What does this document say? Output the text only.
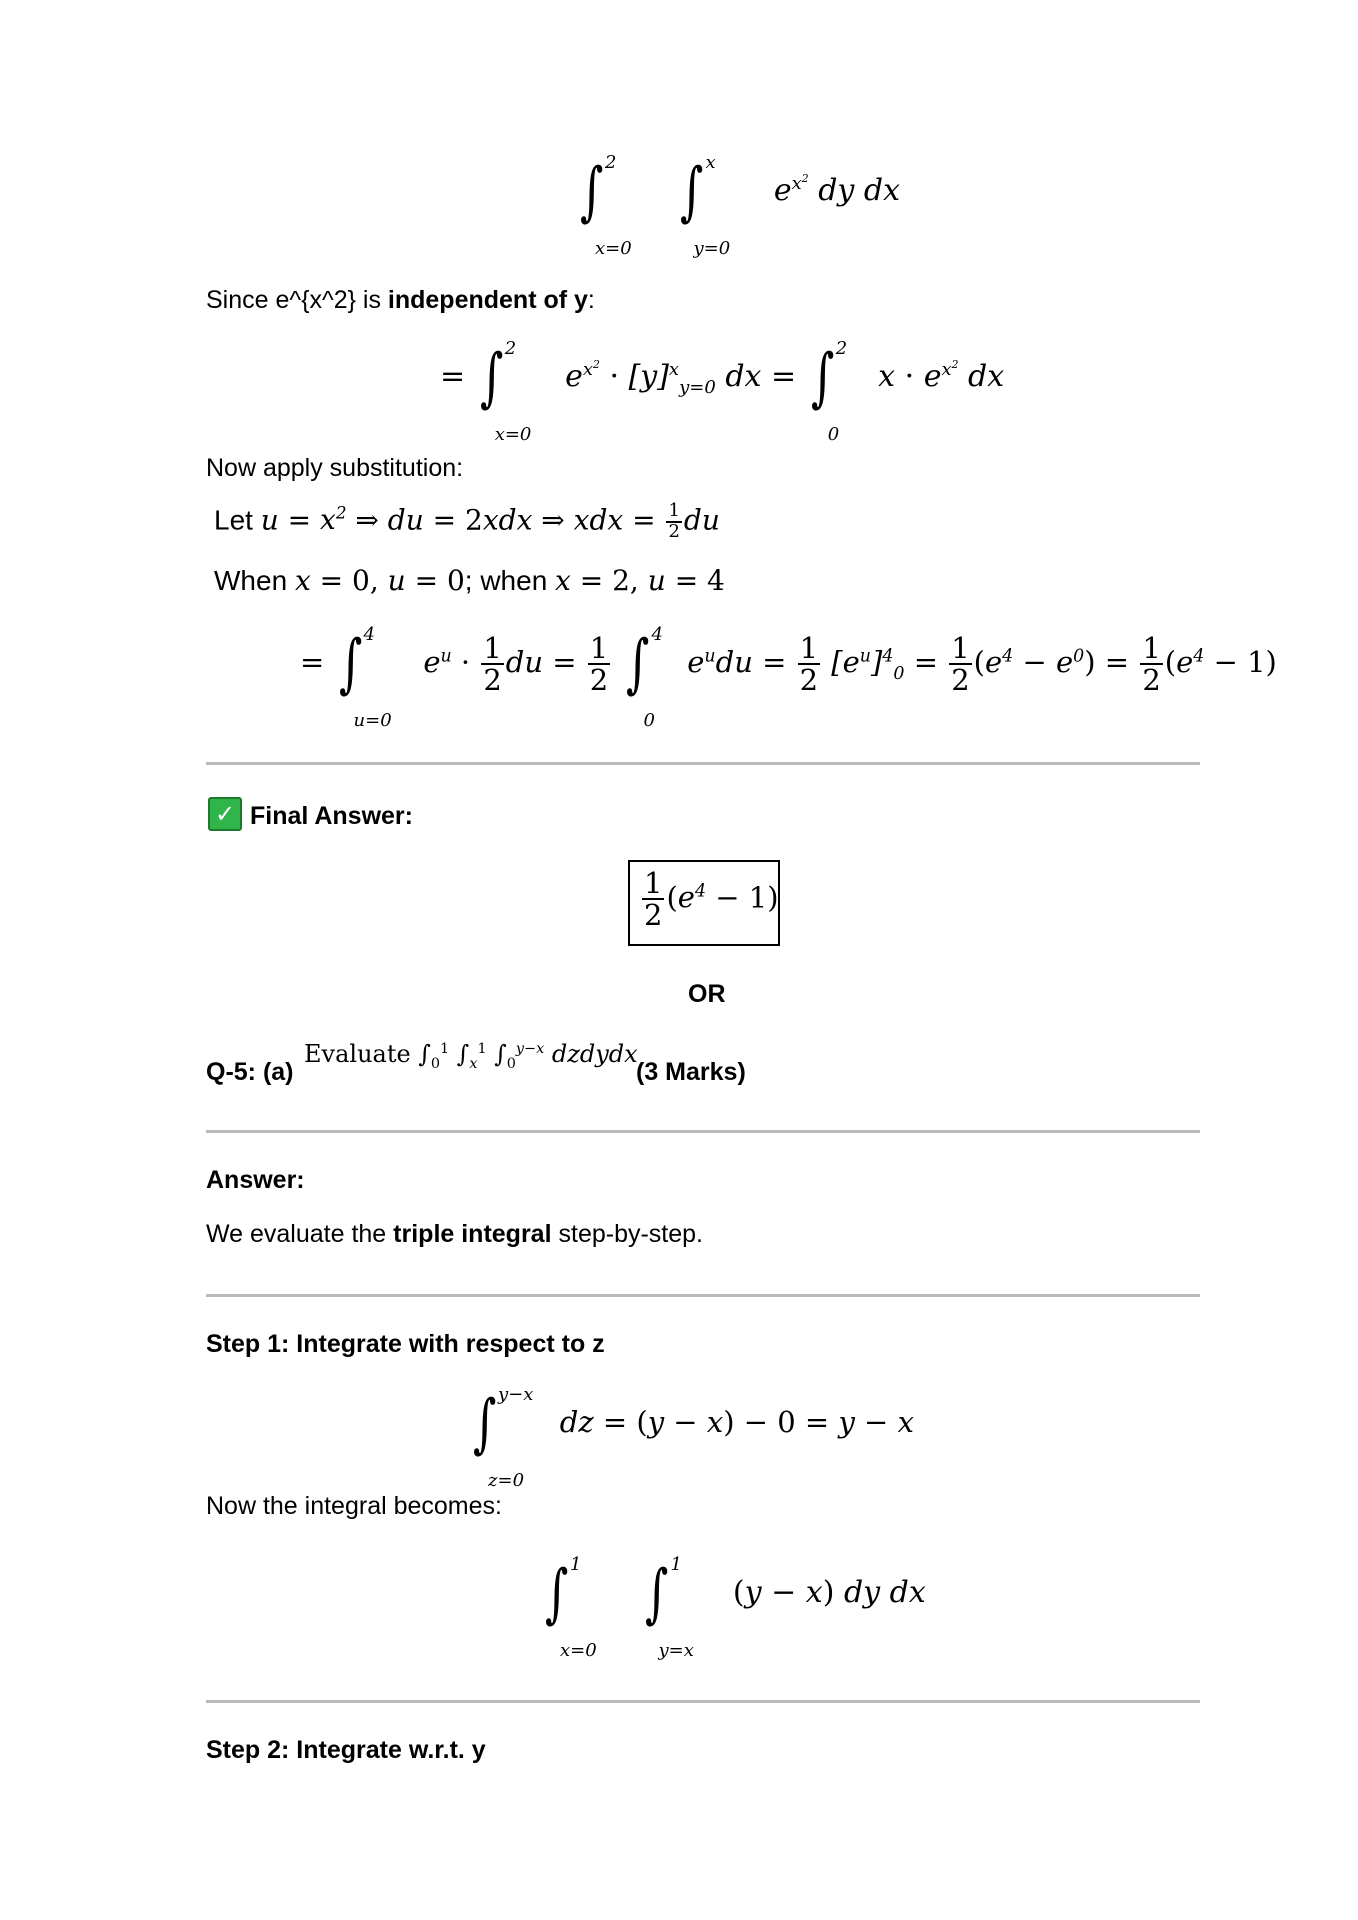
∫ 2
x=0
∫ x
y=0
$e^{x^2}$ dy dx
Since e^{x^2} is independent of y:
= ∫ 2
x=0
$e^{x^2} \cdot [y]^x_{y=0}$ dx = ∫ 2
0
$x \cdot e^{x^2}$ dx
Now apply substitution:
Let $u = x^2$ ⇒ du = 2xdx ⇒ xdx = $\frac{1}{2}$ du
When x = 0, u = 0; when x = 2, u = 4
= ∫ 4
u=0
$e^u \cdot \frac{1}{2}$ du = $\frac{1}{2}$ ∫ 4
0
$e^udu = \frac{1}{2} [e^u]^4_0 = \frac{1}{2} (e^4 - e^0) = \frac{1}{2} (e^4 - 1)$
✓ Final Answer:
$\frac{1}{2} (e^4 - 1)$
OR
Q-5: (a)
Evaluate $\int_0^1$ $\int_x^1$ $\int_0^{y-x}$ dzdydx
(3 Marks)
Answer:
We evaluate the triple integral step-by-step.
Step 1: Integrate with respect to z
∫ y−x
z=0
dz = (y − x) − 0 = y − x
Now the integral becomes:
∫ 1
x=0
∫ 1
y=x
(y − x) dy dx
Step 2: Integrate w.r.t. y
